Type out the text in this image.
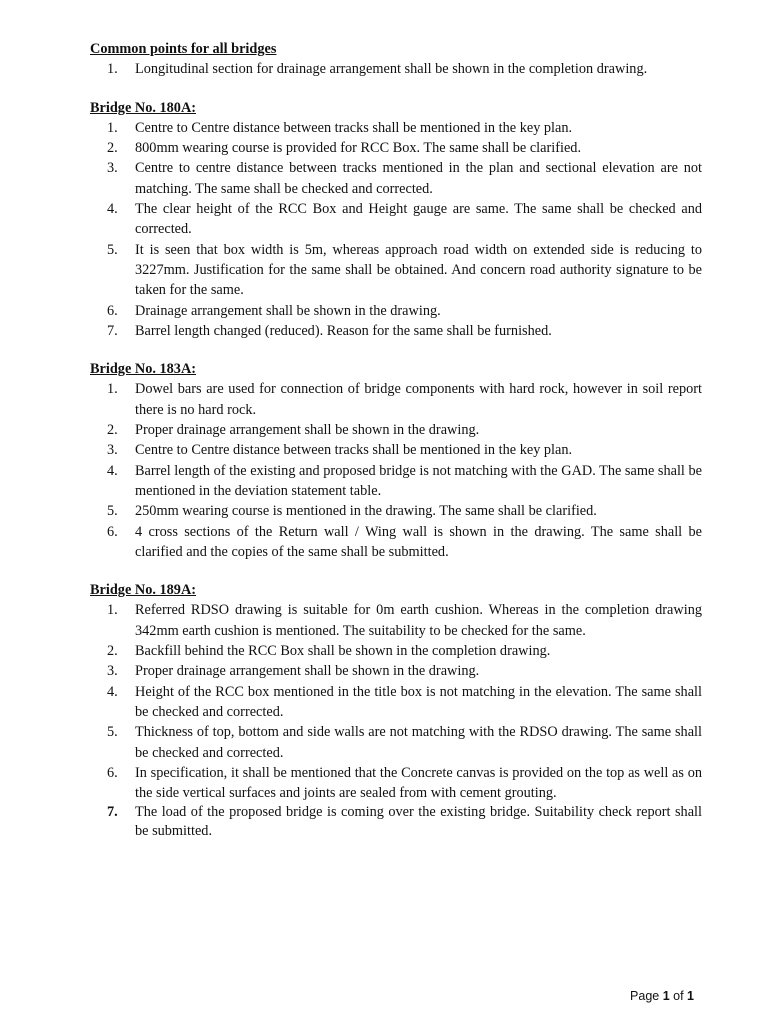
Common points for all bridges
1. Longitudinal section for drainage arrangement shall be shown in the completion drawing.
Bridge No. 180A:
1. Centre to Centre distance between tracks shall be mentioned in the key plan.
2. 800mm wearing course is provided for RCC Box. The same shall be clarified.
3. Centre to centre distance between tracks mentioned in the plan and sectional elevation are not matching. The same shall be checked and corrected.
4. The clear height of the RCC Box and Height gauge are same. The same shall be checked and corrected.
5. It is seen that box width is 5m, whereas approach road width on extended side is reducing to 3227mm. Justification for the same shall be obtained. And concern road authority signature to be taken for the same.
6. Drainage arrangement shall be shown in the drawing.
7. Barrel length changed (reduced). Reason for the same shall be furnished.
Bridge No. 183A:
1. Dowel bars are used for connection of bridge components with hard rock, however in soil report there is no hard rock.
2. Proper drainage arrangement shall be shown in the drawing.
3. Centre to Centre distance between tracks shall be mentioned in the key plan.
4. Barrel length of the existing and proposed bridge is not matching with the GAD. The same shall be mentioned in the deviation statement table.
5. 250mm wearing course is mentioned in the drawing. The same shall be clarified.
6. 4 cross sections of the Return wall / Wing wall is shown in the drawing. The same shall be clarified and the copies of the same shall be submitted.
Bridge No. 189A:
1. Referred RDSO drawing is suitable for 0m earth cushion. Whereas in the completion drawing 342mm earth cushion is mentioned. The suitability to be checked for the same.
2. Backfill behind the RCC Box shall be shown in the completion drawing.
3. Proper drainage arrangement shall be shown in the drawing.
4. Height of the RCC box mentioned in the title box is not matching in the elevation. The same shall be checked and corrected.
5. Thickness of top, bottom and side walls are not matching with the RDSO drawing. The same shall be checked and corrected.
6. In specification, it shall be mentioned that the Concrete canvas is provided on the top as well as on the side vertical surfaces and joints are sealed from with cement grouting.
7. The load of the proposed bridge is coming over the existing bridge. Suitability check report shall be submitted.
Page 1 of 1
